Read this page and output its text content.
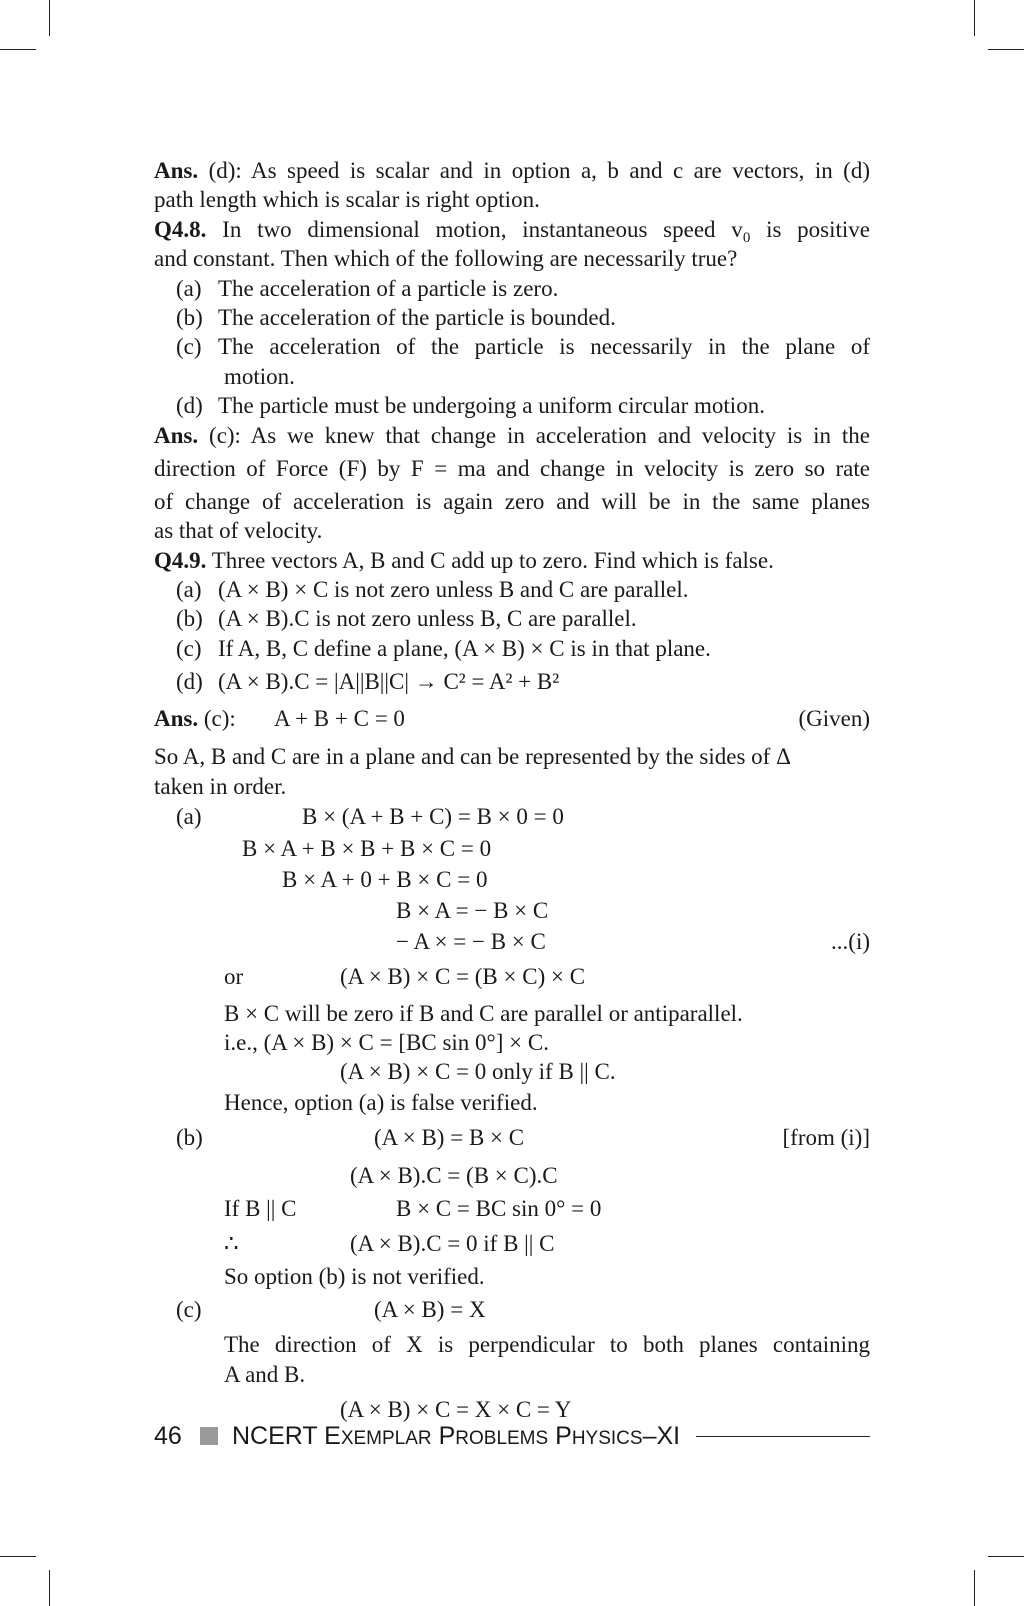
Ans. (d): As speed is scalar and in option a, b and c are vectors, in (d)
path length which is scalar is right option.
Q4.8. In two dimensional motion, instantaneous speed $v_0$ is positive
and constant. Then which of the following are necessarily true?
(a) The acceleration of a particle is zero.
(b) The acceleration of the particle is bounded.
(c) The acceleration of the particle is necessarily in the plane of
motion.
(d) The particle must be undergoing a uniform circular motion.
Ans. (c): As we knew that change in acceleration and velocity is in the
direction of Force (F) by F = ma and change in velocity is zero so rate
of change of acceleration is again zero and will be in the same planes
as that of velocity.
Q4.9. Three vectors A, B and C add up to zero. Find which is false.
(a) (A × B) × C is not zero unless B and C are parallel.
(b) (A × B).C is not zero unless B, C are parallel.
(c) If A, B, C define a plane, (A × B) × C is in that plane.
(d) (A × B).C = |A||B||C| → C² = A² + B²
Ans. (c): A + B + C = 0	(Given)
So A, B and C are in a plane and can be represented by the sides of Δ
taken in order.
(a)	B × (A + B + C) = B × 0 = 0
B × A + B × B + B × C = 0
B × A + 0 + B × C = 0
B × A = − B × C
− A × = − B × C	...(i)
or	(A × B) × C = (B × C) × C
B × C will be zero if B and C are parallel or antiparallel.
i.e., (A × B) × C = [BC sin 0°] × C.
(A × B) × C = 0 only if B || C.
Hence, option (a) is false verified.
(b)	(A × B) = B × C	[from (i)]
(A × B).C = (B × C).C
If B || C	B × C = BC sin 0° = 0
∴	(A × B).C = 0 if B || C
So option (b) is not verified.
(c)	(A × B) = X
The direction of X is perpendicular to both planes containing
A and B.
(A × B) × C = X × C = Y
46	NCERT EXEMPLAR PROBLEMS PHYSICS–XI
